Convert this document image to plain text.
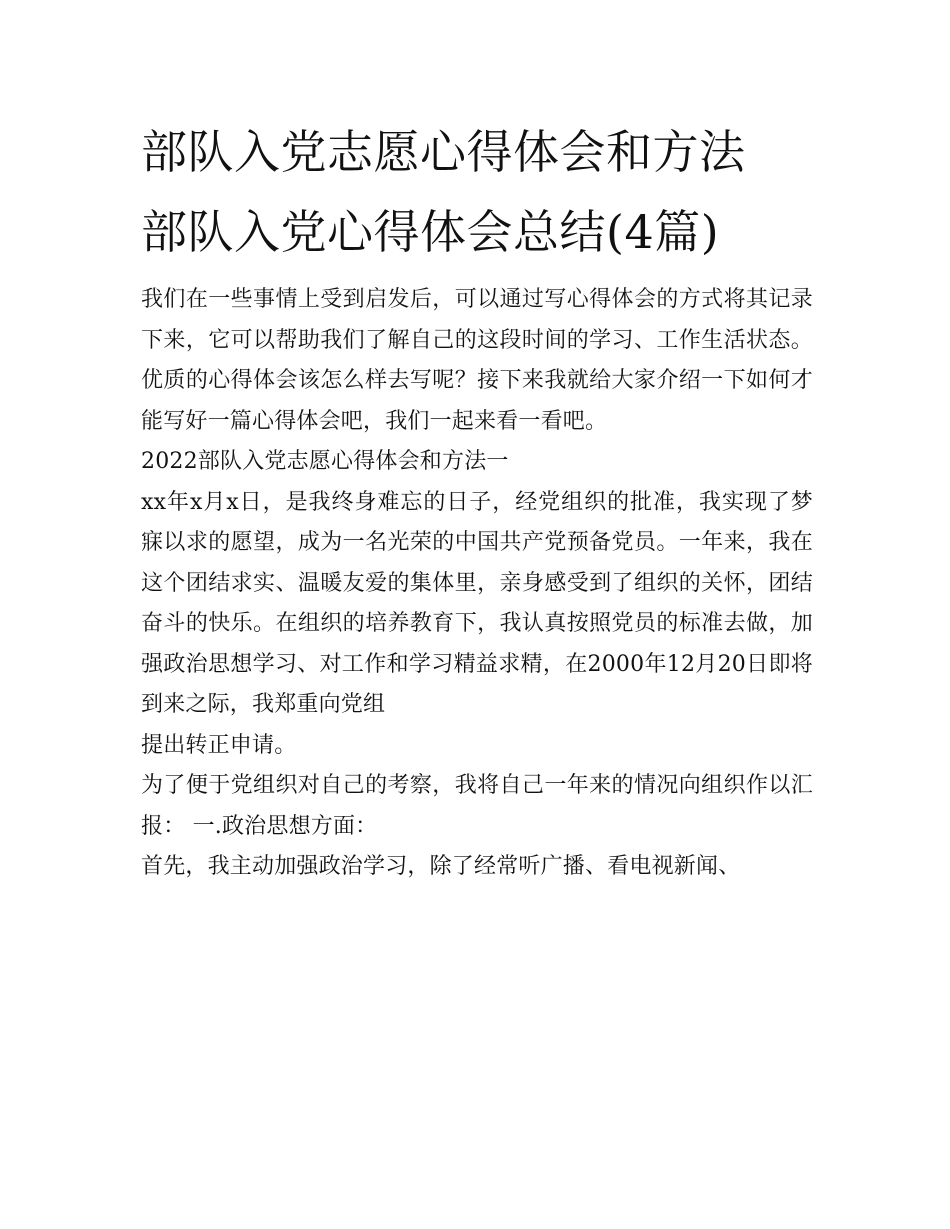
部队入党志愿心得体会和方法
部队入党心得体会总结(4篇)

我们在一些事情上受到启发后，可以通过写心得体会的方式将其记录下来，它可以帮助我们了解自己的这段时间的学习、工作生活状态。优质的心得体会该怎么样去写呢？接下来我就给大家介绍一下如何才能写好一篇心得体会吧，我们一起来看一看吧。

2022部队入党志愿心得体会和方法一

xx年x月x日，是我终身难忘的日子，经党组织的批准，我实现了梦寐以求的愿望，成为一名光荣的中国共产党预备党员。一年来，我在这个团结求实、温暖友爱的集体里，亲身感受到了组织的关怀，团结奋斗的快乐。在组织的培养教育下，我认真按照党员的标准去做，加强政治思想学习、对工作和学习精益求精，在2000年12月20日即将到来之际，我郑重向党组

提出转正申请。

为了便于党组织对自己的考察，我将自己一年来的情况向组织作以汇报： 一.政治思想方面：

首先，我主动加强政治学习，除了经常听广播、看电视新闻、
